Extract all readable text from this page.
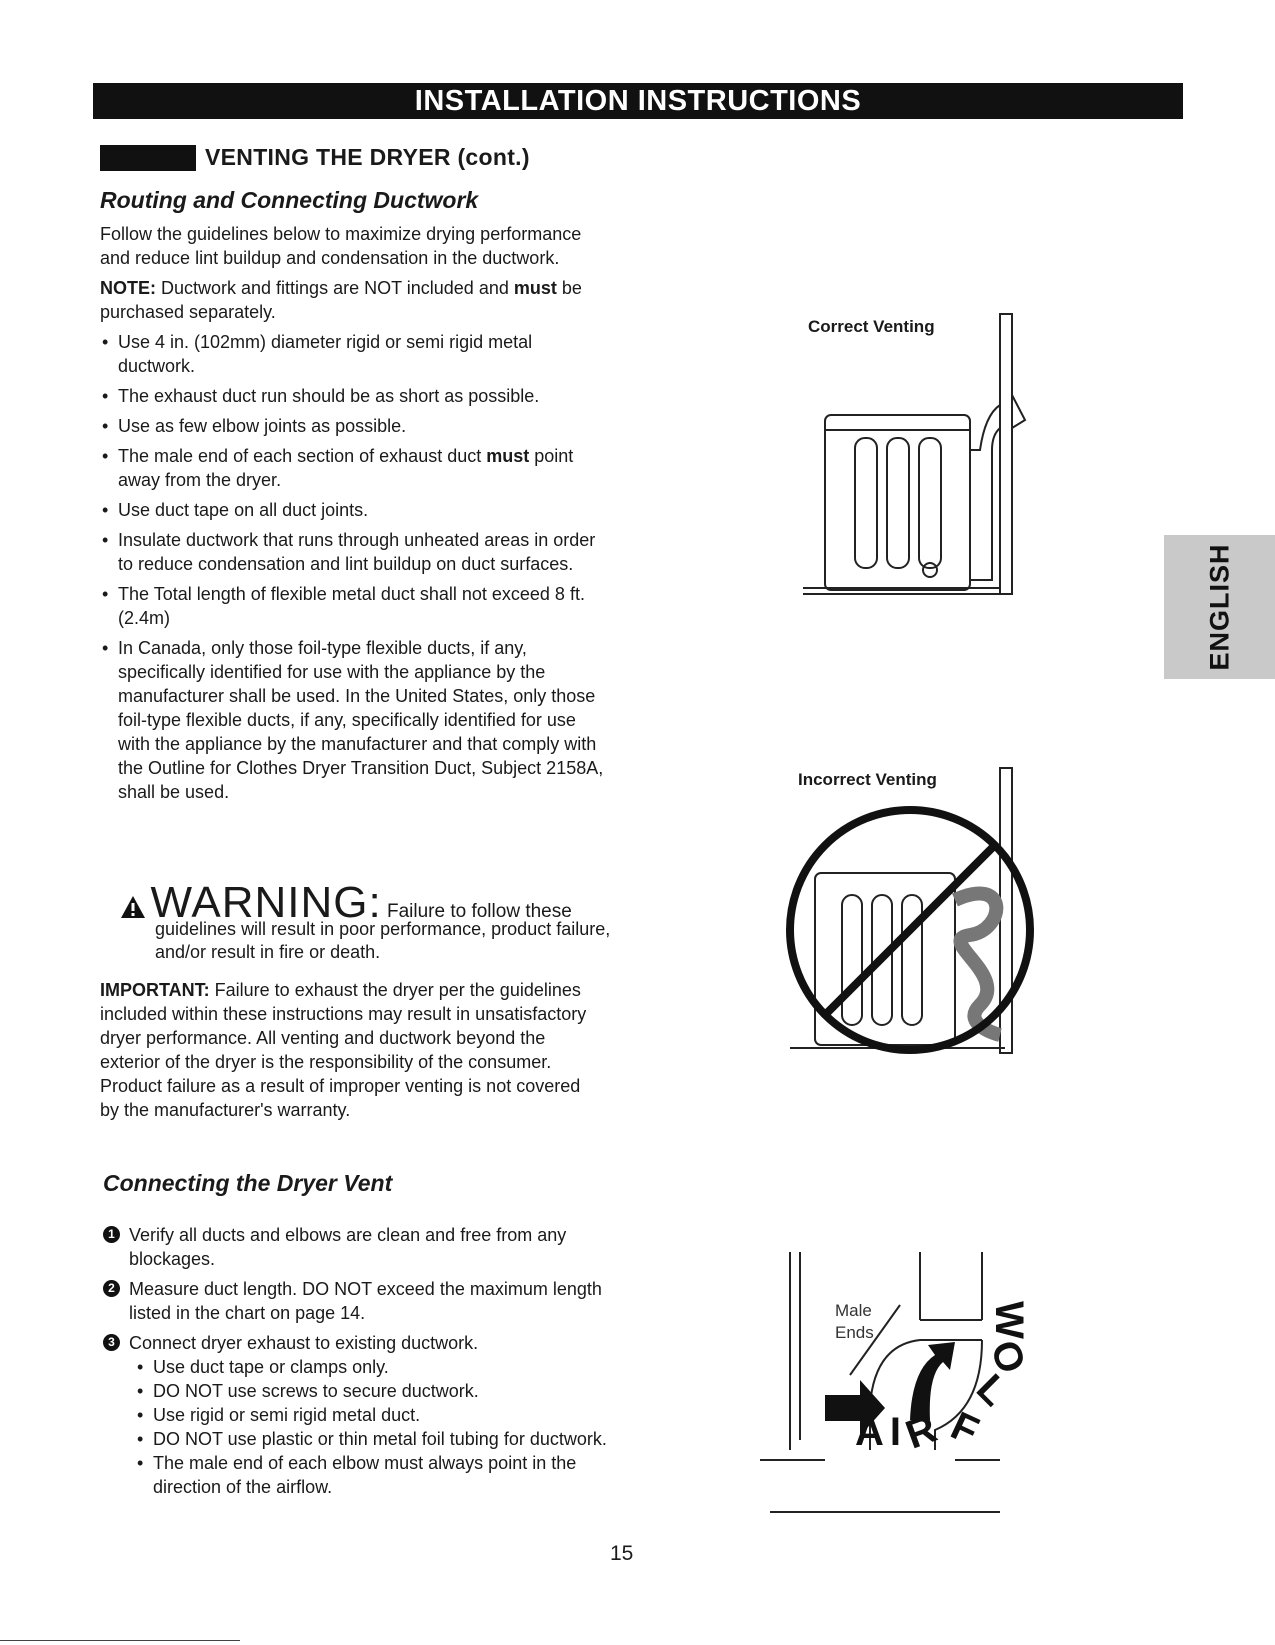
INSTALLATION INSTRUCTIONS
VENTING THE DRYER (cont.)
Routing and Connecting Ductwork

Follow the guidelines below to maximize drying performance and reduce lint buildup and condensation in the ductwork.

NOTE: Ductwork and fittings are NOT included and must be purchased separately.

• Use 4 in. (102mm) diameter rigid or semi rigid metal ductwork.
• The exhaust duct run should be as short as possible.
• Use as few elbow joints as possible.
• The male end of each section of exhaust duct must point away from the dryer.
• Use duct tape on all duct joints.
• Insulate ductwork that runs through unheated areas in order to reduce condensation and lint buildup on duct surfaces.
• The Total length of flexible metal duct shall not exceed 8 ft.(2.4m)
• In Canada, only those foil-type flexible ducts, if any, specifically identified for use with the appliance by the manufacturer shall be used. In the United States, only those foil-type flexible ducts, if any, specifically identified for use with the appliance by the manufacturer and that comply with the Outline for Clothes Dryer Transition Duct, Subject 2158A, shall be used.
WARNING: Failure to follow these
guidelines will result in poor performance, product failure, and/or result in fire or death.
IMPORTANT: Failure to exhaust the dryer per the guidelines included within these instructions may result in unsatisfactory dryer performance. All venting and ductwork beyond the exterior of the dryer is the responsibility of the consumer. Product failure as a result of improper venting is not covered by the manufacturer's warranty.
Connecting the Dryer Vent
1 Verify all ducts and elbows are clean and free from any blockages.
2 Measure duct length. DO NOT exceed the maximum length listed in the chart on page 14.
3 Connect dryer exhaust to existing ductwork.
• Use duct tape or clamps only.
• DO NOT use screws to secure ductwork.
• Use rigid or semi rigid metal duct.
• DO NOT use plastic or thin metal foil tubing for ductwork.
• The male end of each elbow must always point in the direction of the airflow.
Correct Venting
Incorrect Venting
Male
Ends
A IR
W
O
L
F
ENGLISH
15
